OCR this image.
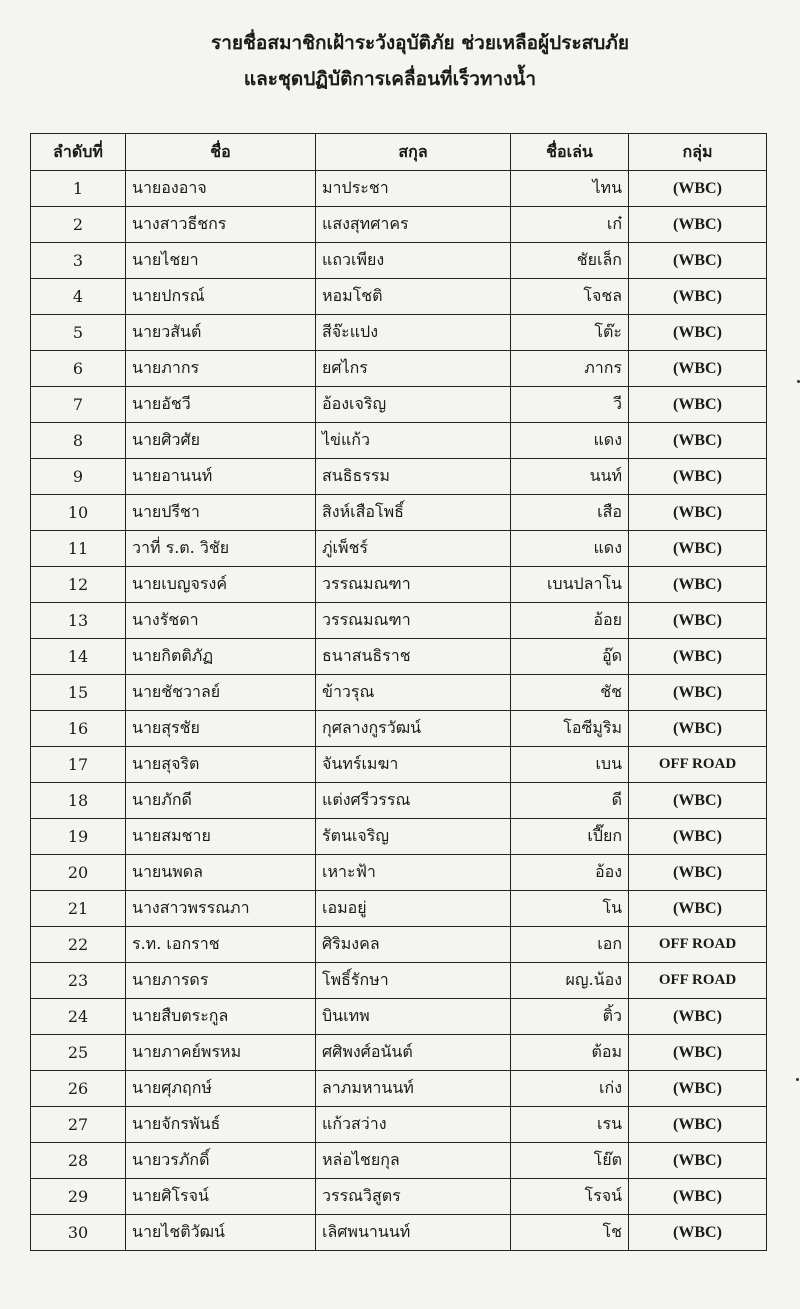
รายชื่อสมาชิกเฝ้าระวังอุบัติภัย ช่วยเหลือผู้ประสบภัย
และชุดปฏิบัติการเคลื่อนที่เร็วทางน้ำ
ลำดับที่	ชื่อ	สกุล	ชื่อเล่น	กลุ่ม
1	นายองอาจ	มาประชา	ไทน	(WBC)
2	นางสาวธีชกร	แสงสุทศาคร	เก๋	(WBC)
3	นายไชยา	แถวเพียง	ชัยเล็ก	(WBC)
4	นายปกรณ์	หอมโชติ	โจชล	(WBC)
5	นายวสันต์	สีจ๊ะแปง	โต๊ะ	(WBC)
6	นายภากร	ยศไกร	ภากร	(WBC)
7	นายอัชวี	อ้องเจริญ	วี	(WBC)
8	นายศิวศัย	ไข่แก้ว	แดง	(WBC)
9	นายอานนท์	สนธิธรรม	นนท์	(WBC)
10	นายปรีชา	สิงห์เสือโพธิ์	เสือ	(WBC)
11	วาที่ ร.ต. วิชัย	ภู่เพ็ชร์	แดง	(WBC)
12	นายเบญจรงค์	วรรณมณฑา	เบนปลาโน	(WBC)
13	นางรัชดา	วรรณมณฑา	อ้อย	(WBC)
14	นายกิตติภัฏ	ธนาสนธิราช	อู๊ด	(WBC)
15	นายชัชวาลย์	ข้าวรุณ	ชัช	(WBC)
16	นายสุรชัย	กุศลางกูรวัฒน์	โอซีมูริม	(WBC)
17	นายสุจริต	จันทร์เมฆา	เบน	OFF ROAD
18	นายภักดี	แต่งศรีวรรณ	ดี	(WBC)
19	นายสมชาย	รัตนเจริญ	เปี๊ยก	(WBC)
20	นายนพดล	เหาะฟ้า	อ้อง	(WBC)
21	นางสาวพรรณภา	เอมอยู่	โน	(WBC)
22	ร.ท. เอกราช	ศิริมงคล	เอก	OFF ROAD
23	นายภารดร	โพธิ์รักษา	ผญ.น้อง	OFF ROAD
24	นายสืบตระกูล	บินเทพ	ติ้ว	(WBC)
25	นายภาคย์พรหม	ศศิพงศ์อนันต์	ต้อม	(WBC)
26	นายศุภฤกษ์	ลาภมหานนท์	เก่ง	(WBC)
27	นายจักรพันธ์	แก้วสว่าง	เรน	(WBC)
28	นายวรภักดิ์	หล่อไชยกุล	โย๊ต	(WBC)
29	นายศิโรจน์	วรรณวิสูตร	โรจน์	(WBC)
30	นายไชติวัฒน์	เลิศพนานนท์	โช	(WBC)
